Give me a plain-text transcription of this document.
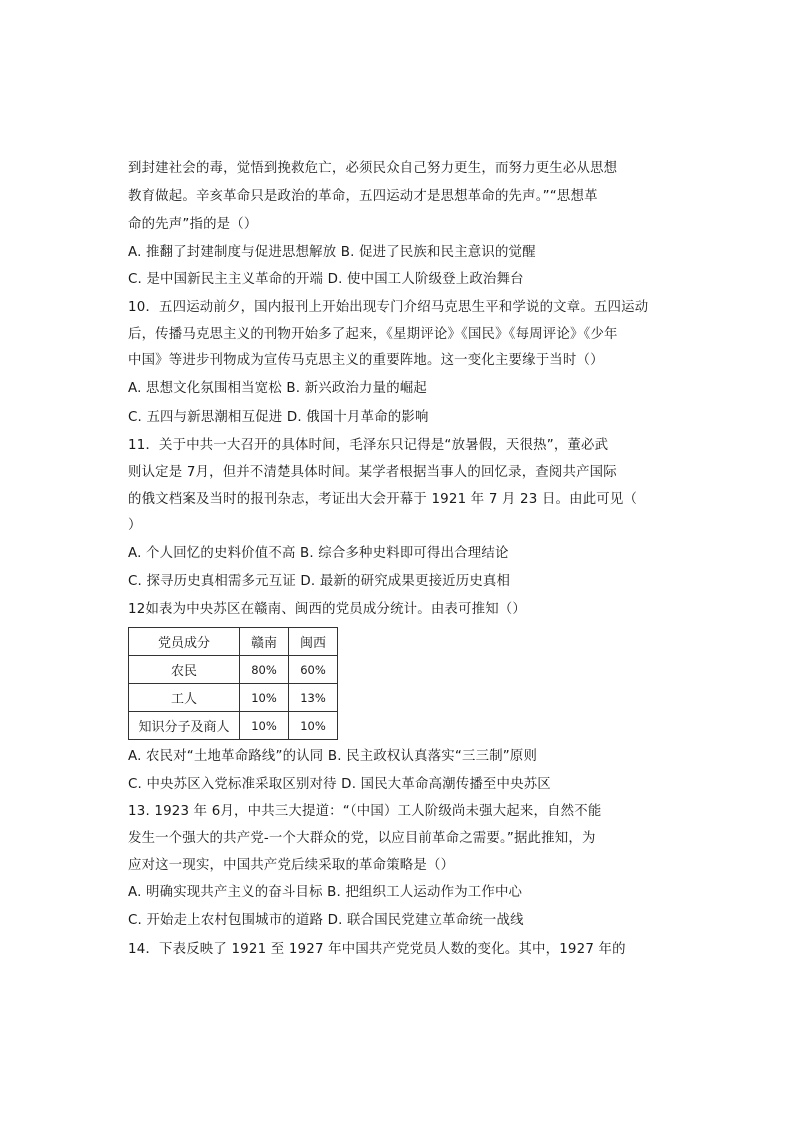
到封建社会的毒，觉悟到挽救危亡，必须民众自己努力更生，而努力更生必从思想
教育做起。辛亥革命只是政治的革命，五四运动才是思想革命的先声。”“思想革
命的先声”指的是（）
A. 推翻了封建制度与促进思想解放 B. 促进了民族和民主意识的觉醒
C. 是中国新民主主义革命的开端 D. 使中国工人阶级登上政治舞台
10．五四运动前夕，国内报刊上开始出现专门介绍马克思生平和学说的文章。五四运动
后，传播马克思主义的刊物开始多了起来，《星期评论》《国民》《每周评论》《少年
中国》等进步刊物成为宣传马克思主义的重要阵地。这一变化主要缘于当时（）
A. 思想文化氛围相当宽松 B. 新兴政治力量的崛起
C. 五四与新思潮相互促进 D. 俄国十月革命的影响
11．关于中共一大召开的具体时间，毛泽东只记得是“放暑假，天很热”，董必武
则认定是 7月，但并不清楚具体时间。某学者根据当事人的回忆录，查阅共产国际
的俄文档案及当时的报刊杂志，考证出大会开幕于 1921 年 7 月 23 日。由此可见（
）
A. 个人回忆的史料价值不高 B. 综合多种史料即可得出合理结论
C. 探寻历史真相需多元互证 D. 最新的研究成果更接近历史真相
12如表为中央苏区在赣南、闽西的党员成分统计。由表可推知（）
党员成分	赣南	闽西
农民	80%	60%
工人	10%	13%
知识分子及商人	10%	10%
A. 农民对“土地革命路线”的认同 B. 民主政权认真落实“三三制”原则
C. 中央苏区入党标准采取区别对待 D. 国民大革命高潮传播至中央苏区
13. 1923 年 6月，中共三大提道：“（中国）工人阶级尚未强大起来，自然不能
发生一个强大的共产党-一个大群众的党，以应目前革命之需要。”据此推知，为
应对这一现实，中国共产党后续采取的革命策略是（）
A. 明确实现共产主义的奋斗目标 B. 把组织工人运动作为工作中心
C. 开始走上农村包围城市的道路 D. 联合国民党建立革命统一战线
14．下表反映了 1921 至 1927 年中国共产党党员人数的变化。其中，1927 年的
